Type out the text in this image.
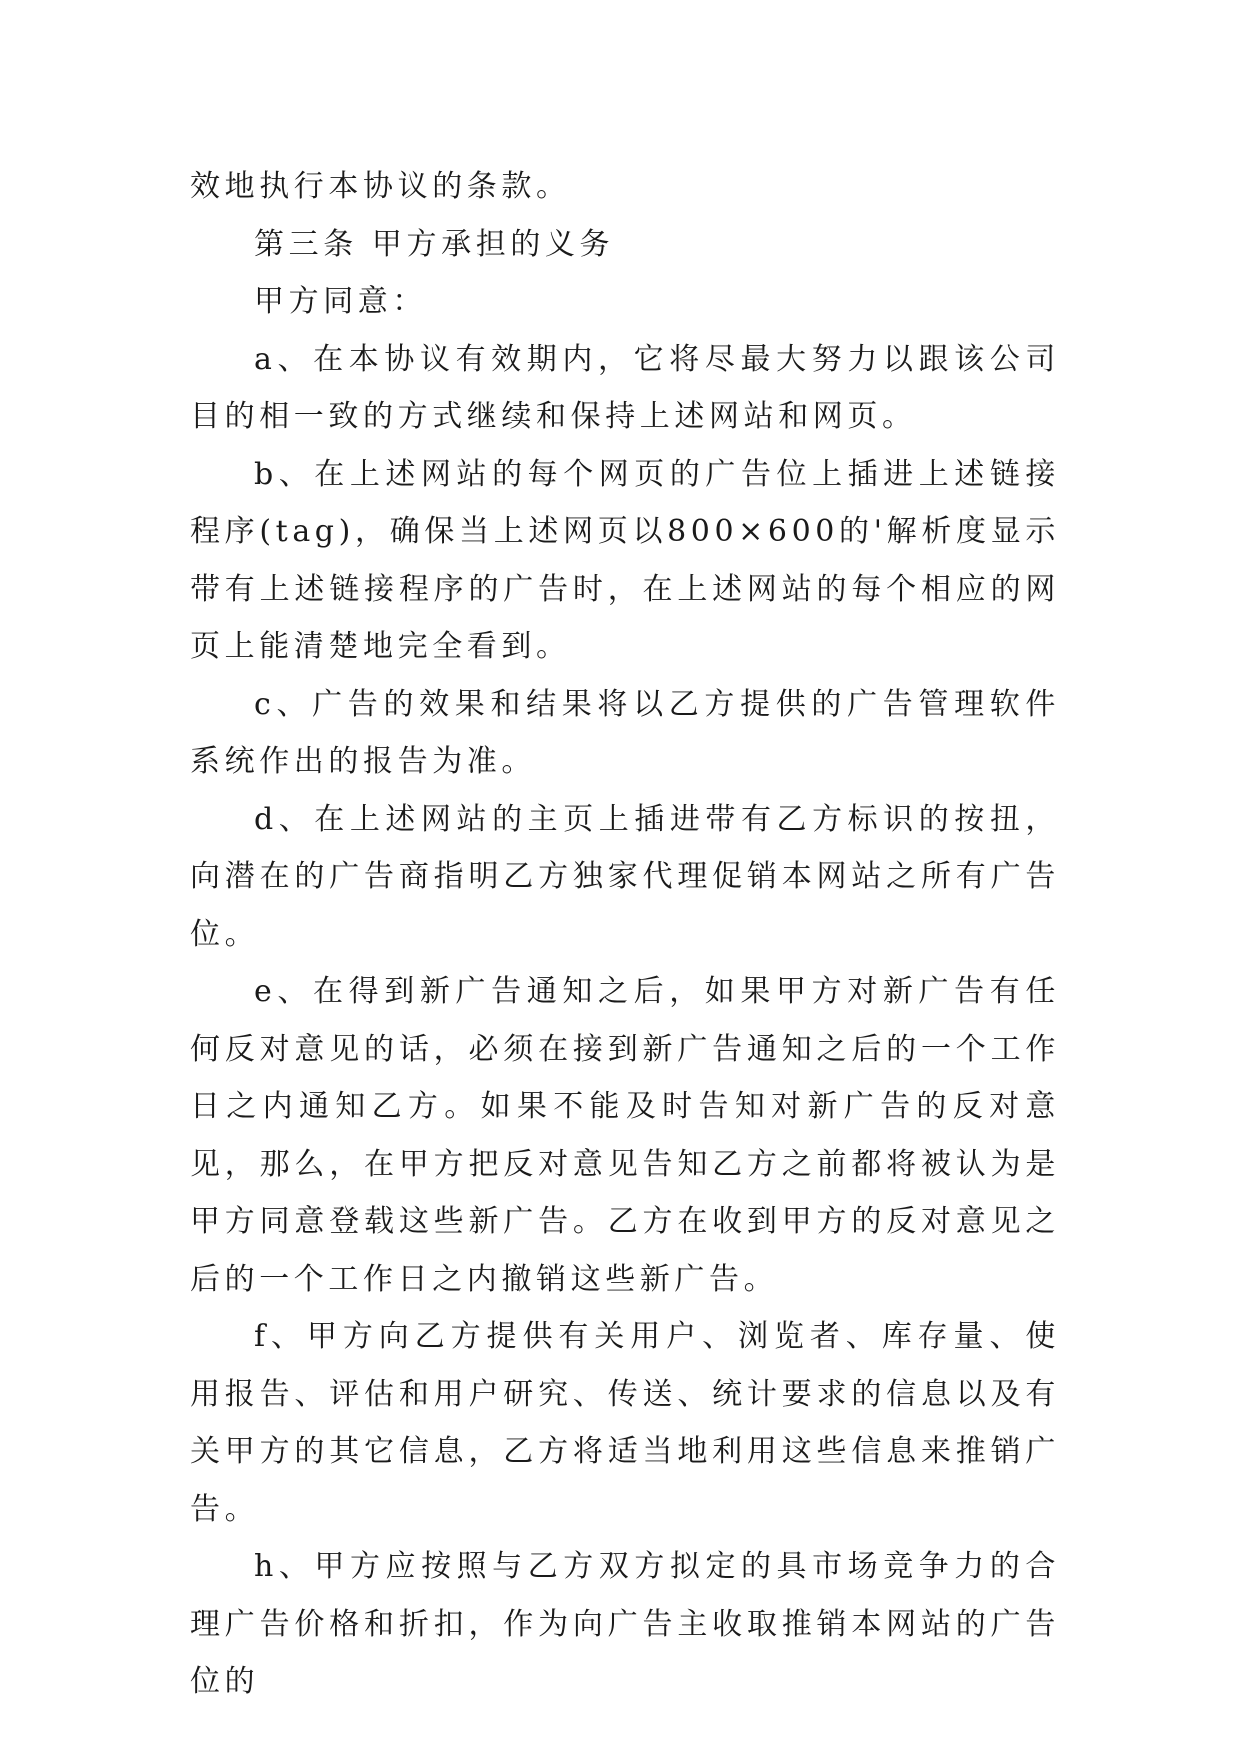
效地执行本协议的条款。

第三条 甲方承担的义务

甲方同意：

a、在本协议有效期内，它将尽最大努力以跟该公司目的相一致的方式继续和保持上述网站和网页。

b、在上述网站的每个网页的广告位上插进上述链接程序(tag)，确保当上述网页以800×600的'解析度显示带有上述链接程序的广告时，在上述网站的每个相应的网页上能清楚地完全看到。

c、广告的效果和结果将以乙方提供的广告管理软件系统作出的报告为准。

d、在上述网站的主页上插进带有乙方标识的按扭，向潜在的广告商指明乙方独家代理促销本网站之所有广告位。

e、在得到新广告通知之后，如果甲方对新广告有任何反对意见的话，必须在接到新广告通知之后的一个工作日之内通知乙方。如果不能及时告知对新广告的反对意见，那么，在甲方把反对意见告知乙方之前都将被认为是甲方同意登载这些新广告。乙方在收到甲方的反对意见之后的一个工作日之内撤销这些新广告。

f、甲方向乙方提供有关用户、浏览者、库存量、使用报告、评估和用户研究、传送、统计要求的信息以及有关甲方的其它信息，乙方将适当地利用这些信息来推销广告。

h、甲方应按照与乙方双方拟定的具市场竞争力的合理广告价格和折扣，作为向广告主收取推销本网站的广告位的
